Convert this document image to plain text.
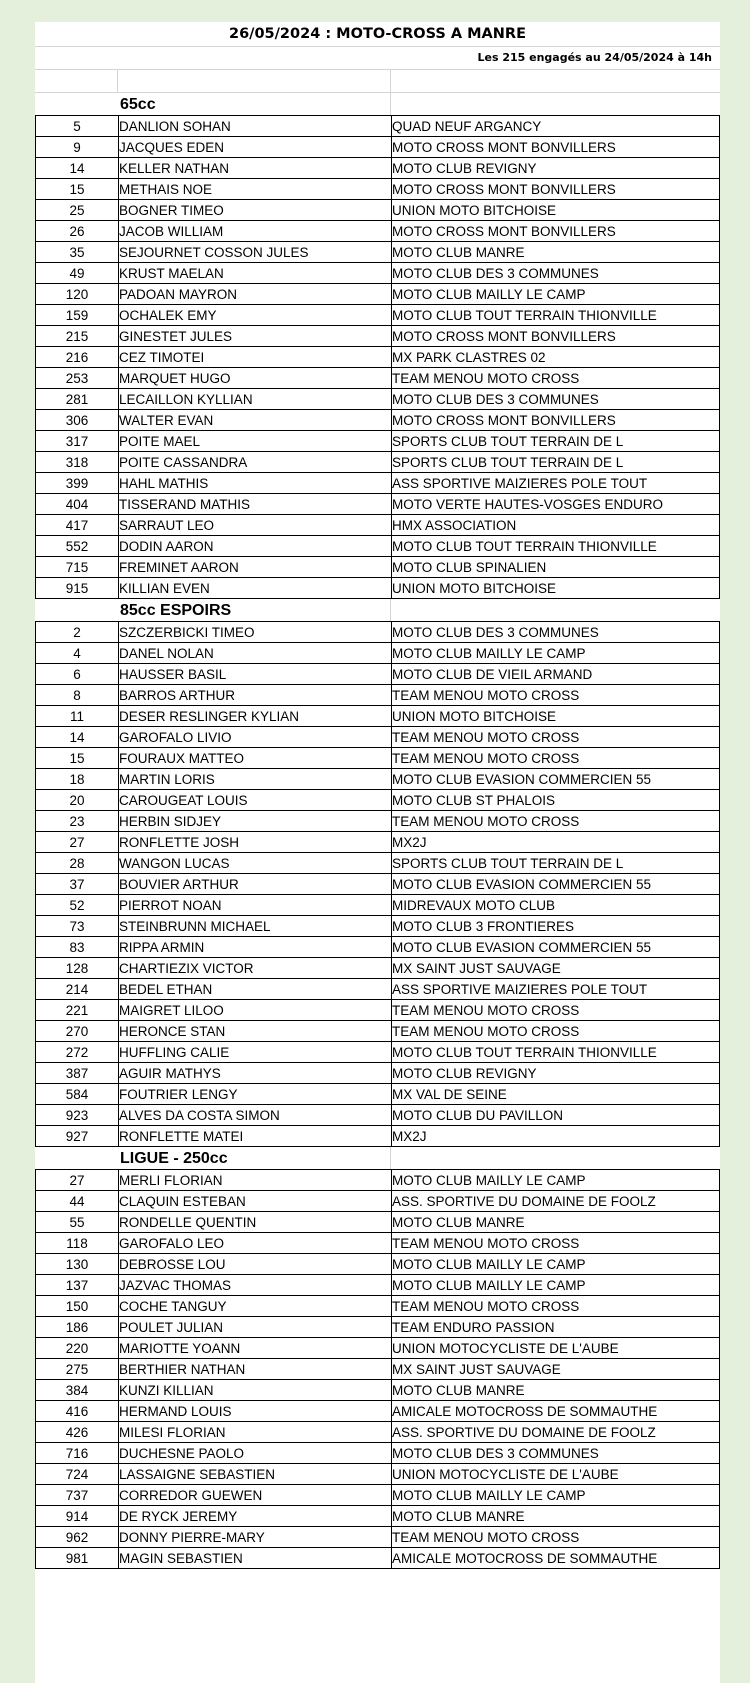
26/05/2024 : MOTO-CROSS A MANRE
Les 215 engagés au 24/05/2024 à 14h
65cc
5	DANLION SOHAN	QUAD NEUF ARGANCY
9	JACQUES EDEN	MOTO CROSS MONT BONVILLERS
14	KELLER NATHAN	MOTO CLUB REVIGNY
15	METHAIS NOE	MOTO CROSS MONT BONVILLERS
25	BOGNER TIMEO	UNION MOTO BITCHOISE
26	JACOB WILLIAM	MOTO CROSS MONT BONVILLERS
35	SEJOURNET COSSON JULES	MOTO CLUB MANRE
49	KRUST MAELAN	MOTO CLUB DES 3 COMMUNES
120	PADOAN MAYRON	MOTO CLUB MAILLY LE CAMP
159	OCHALEK EMY	MOTO CLUB TOUT TERRAIN THIONVILLE
215	GINESTET JULES	MOTO CROSS MONT BONVILLERS
216	CEZ TIMOTEI	MX PARK CLASTRES 02
253	MARQUET HUGO	TEAM MENOU MOTO CROSS
281	LECAILLON KYLLIAN	MOTO CLUB DES 3 COMMUNES
306	WALTER EVAN	MOTO CROSS MONT BONVILLERS
317	POITE MAEL	SPORTS CLUB TOUT TERRAIN DE L
318	POITE CASSANDRA	SPORTS CLUB TOUT TERRAIN DE L
399	HAHL MATHIS	ASS SPORTIVE MAIZIERES POLE TOUT
404	TISSERAND MATHIS	MOTO VERTE HAUTES-VOSGES ENDURO
417	SARRAUT LEO	HMX ASSOCIATION
552	DODIN AARON	MOTO CLUB TOUT TERRAIN THIONVILLE
715	FREMINET AARON	MOTO CLUB SPINALIEN
915	KILLIAN EVEN	UNION MOTO BITCHOISE
85cc ESPOIRS
2	SZCZERBICKI TIMEO	MOTO CLUB DES 3 COMMUNES
4	DANEL NOLAN	MOTO CLUB MAILLY LE CAMP
6	HAUSSER BASIL	MOTO CLUB DE VIEIL ARMAND
8	BARROS ARTHUR	TEAM MENOU MOTO CROSS
11	DESER RESLINGER KYLIAN	UNION MOTO BITCHOISE
14	GAROFALO LIVIO	TEAM MENOU MOTO CROSS
15	FOURAUX MATTEO	TEAM MENOU MOTO CROSS
18	MARTIN LORIS	MOTO CLUB EVASION COMMERCIEN 55
20	CAROUGEAT LOUIS	MOTO CLUB ST PHALOIS
23	HERBIN SIDJEY	TEAM MENOU MOTO CROSS
27	RONFLETTE JOSH	MX2J
28	WANGON LUCAS	SPORTS CLUB TOUT TERRAIN DE L
37	BOUVIER ARTHUR	MOTO CLUB EVASION COMMERCIEN 55
52	PIERROT NOAN	MIDREVAUX MOTO CLUB
73	STEINBRUNN MICHAEL	MOTO CLUB 3 FRONTIERES
83	RIPPA ARMIN	MOTO CLUB EVASION COMMERCIEN 55
128	CHARTIEZIX VICTOR	MX SAINT JUST SAUVAGE
214	BEDEL ETHAN	ASS SPORTIVE MAIZIERES POLE TOUT
221	MAIGRET LILOO	TEAM MENOU MOTO CROSS
270	HERONCE STAN	TEAM MENOU MOTO CROSS
272	HUFFLING CALIE	MOTO CLUB TOUT TERRAIN THIONVILLE
387	AGUIR MATHYS	MOTO CLUB REVIGNY
584	FOUTRIER LENGY	MX VAL DE SEINE
923	ALVES DA COSTA SIMON	MOTO CLUB DU PAVILLON
927	RONFLETTE MATEI	MX2J
LIGUE - 250cc
27	MERLI FLORIAN	MOTO CLUB MAILLY LE CAMP
44	CLAQUIN ESTEBAN	ASS. SPORTIVE DU DOMAINE DE FOOLZ
55	RONDELLE QUENTIN	MOTO CLUB MANRE
118	GAROFALO LEO	TEAM MENOU MOTO CROSS
130	DEBROSSE LOU	MOTO CLUB MAILLY LE CAMP
137	JAZVAC THOMAS	MOTO CLUB MAILLY LE CAMP
150	COCHE TANGUY	TEAM MENOU MOTO CROSS
186	POULET JULIAN	TEAM ENDURO PASSION
220	MARIOTTE YOANN	UNION MOTOCYCLISTE DE L'AUBE
275	BERTHIER NATHAN	MX SAINT JUST SAUVAGE
384	KUNZI KILLIAN	MOTO CLUB MANRE
416	HERMAND LOUIS	AMICALE MOTOCROSS DE SOMMAUTHE
426	MILESI FLORIAN	ASS. SPORTIVE DU DOMAINE DE FOOLZ
716	DUCHESNE PAOLO	MOTO CLUB DES 3 COMMUNES
724	LASSAIGNE SEBASTIEN	UNION MOTOCYCLISTE DE L'AUBE
737	CORREDOR GUEWEN	MOTO CLUB MAILLY LE CAMP
914	DE RYCK JEREMY	MOTO CLUB MANRE
962	DONNY PIERRE-MARY	TEAM MENOU MOTO CROSS
981	MAGIN SEBASTIEN	AMICALE MOTOCROSS DE SOMMAUTHE
